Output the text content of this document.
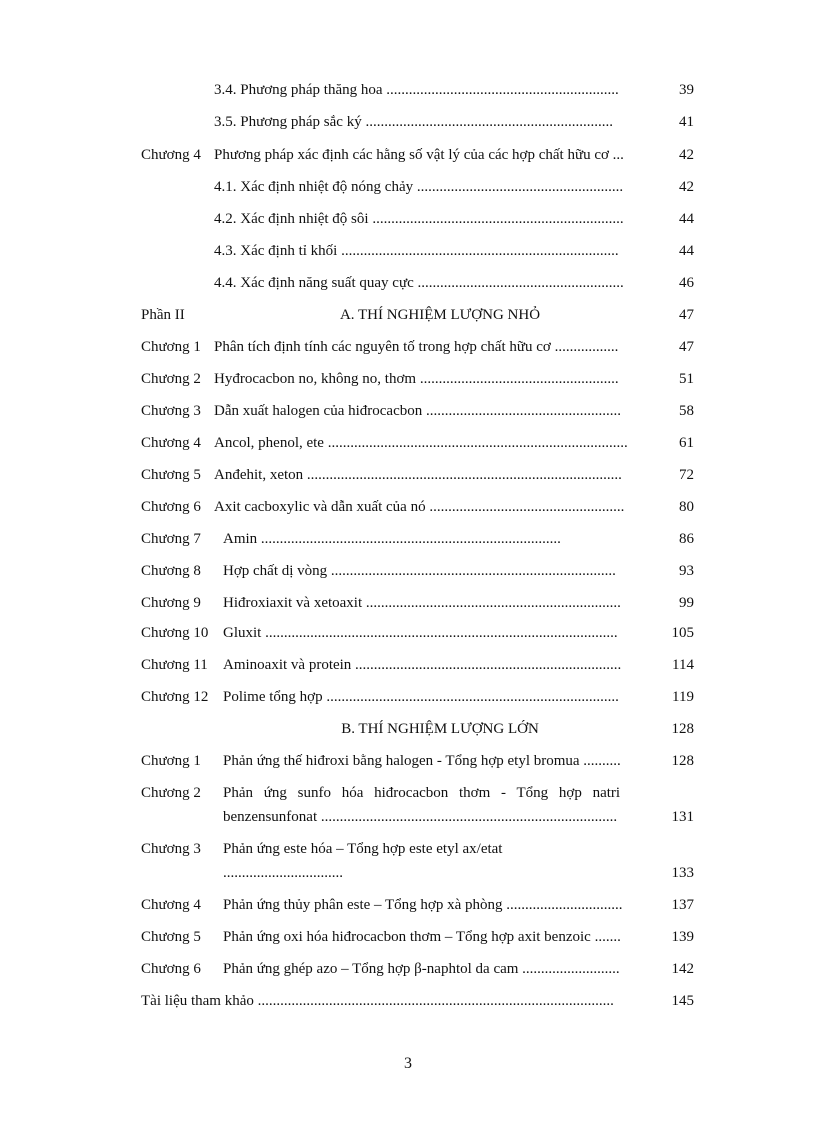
3.4. Phương pháp thăng hoa ..............................................................	39
3.5. Phương pháp sắc ký ..................................................................	41
Chương 4 Phương pháp xác định các hằng số vật lý của các hợp chất hữu cơ ...	42
4.1. Xác định nhiệt độ nóng chảy .......................................................	42
4.2. Xác định nhiệt độ sôi ...................................................................	44
4.3. Xác định tỉ khối ..........................................................................	44
4.4. Xác định năng suất quay cực .......................................................	46
Phần II	A. THÍ NGHIỆM LƯỢNG NHỎ	47
Chương 1 Phân tích định tính các nguyên tố trong hợp chất hữu cơ .................	47
Chương 2 Hyđrocacbon no, không no, thơm .....................................................	51
Chương 3 Dẫn xuất halogen của hiđrocacbon ....................................................	58
Chương 4 Ancol, phenol, ete ................................................................................	61
Chương 5 Anđehit, xeton ....................................................................................	72
Chương 6 Axit cacboxylic và dẫn xuất của nó ....................................................	80
Chương 7 Amin ................................................................................	86
Chương 8 Hợp chất dị vòng ............................................................................	93
Chương 9 Hiđroxiaxit và xetoaxit ....................................................................	99
Chương 10 Gluxit ..............................................................................................	105
Chương 11 Aminoaxit và protein .......................................................................	114
Chương 12 Polime tổng hợp ..............................................................................	119
B. THÍ NGHIỆM LƯỢNG LỚN	128
Chương 1 Phản ứng thế hiđroxi bằng halogen - Tổng hợp etyl bromua ..........	128
Chương 2 Phản ứng sunfo hóa hiđrocacbon thơm - Tổng hợp natri
benzensunfonat ...............................................................................	131
Chương 3 Phản ứng este hóa – Tổng hợp este etyl ax/etat
................................	133
Chương 4 Phản ứng thủy phân este – Tổng hợp xà phòng ...............................	137
Chương 5 Phản ứng oxi hóa hiđrocacbon thơm – Tổng hợp axit benzoic .......	139
Chương 6 Phản ứng ghép azo – Tổng hợp β-naphtol da cam ..........................	142
Tài liệu tham khảo ...............................................................................................	145
3
